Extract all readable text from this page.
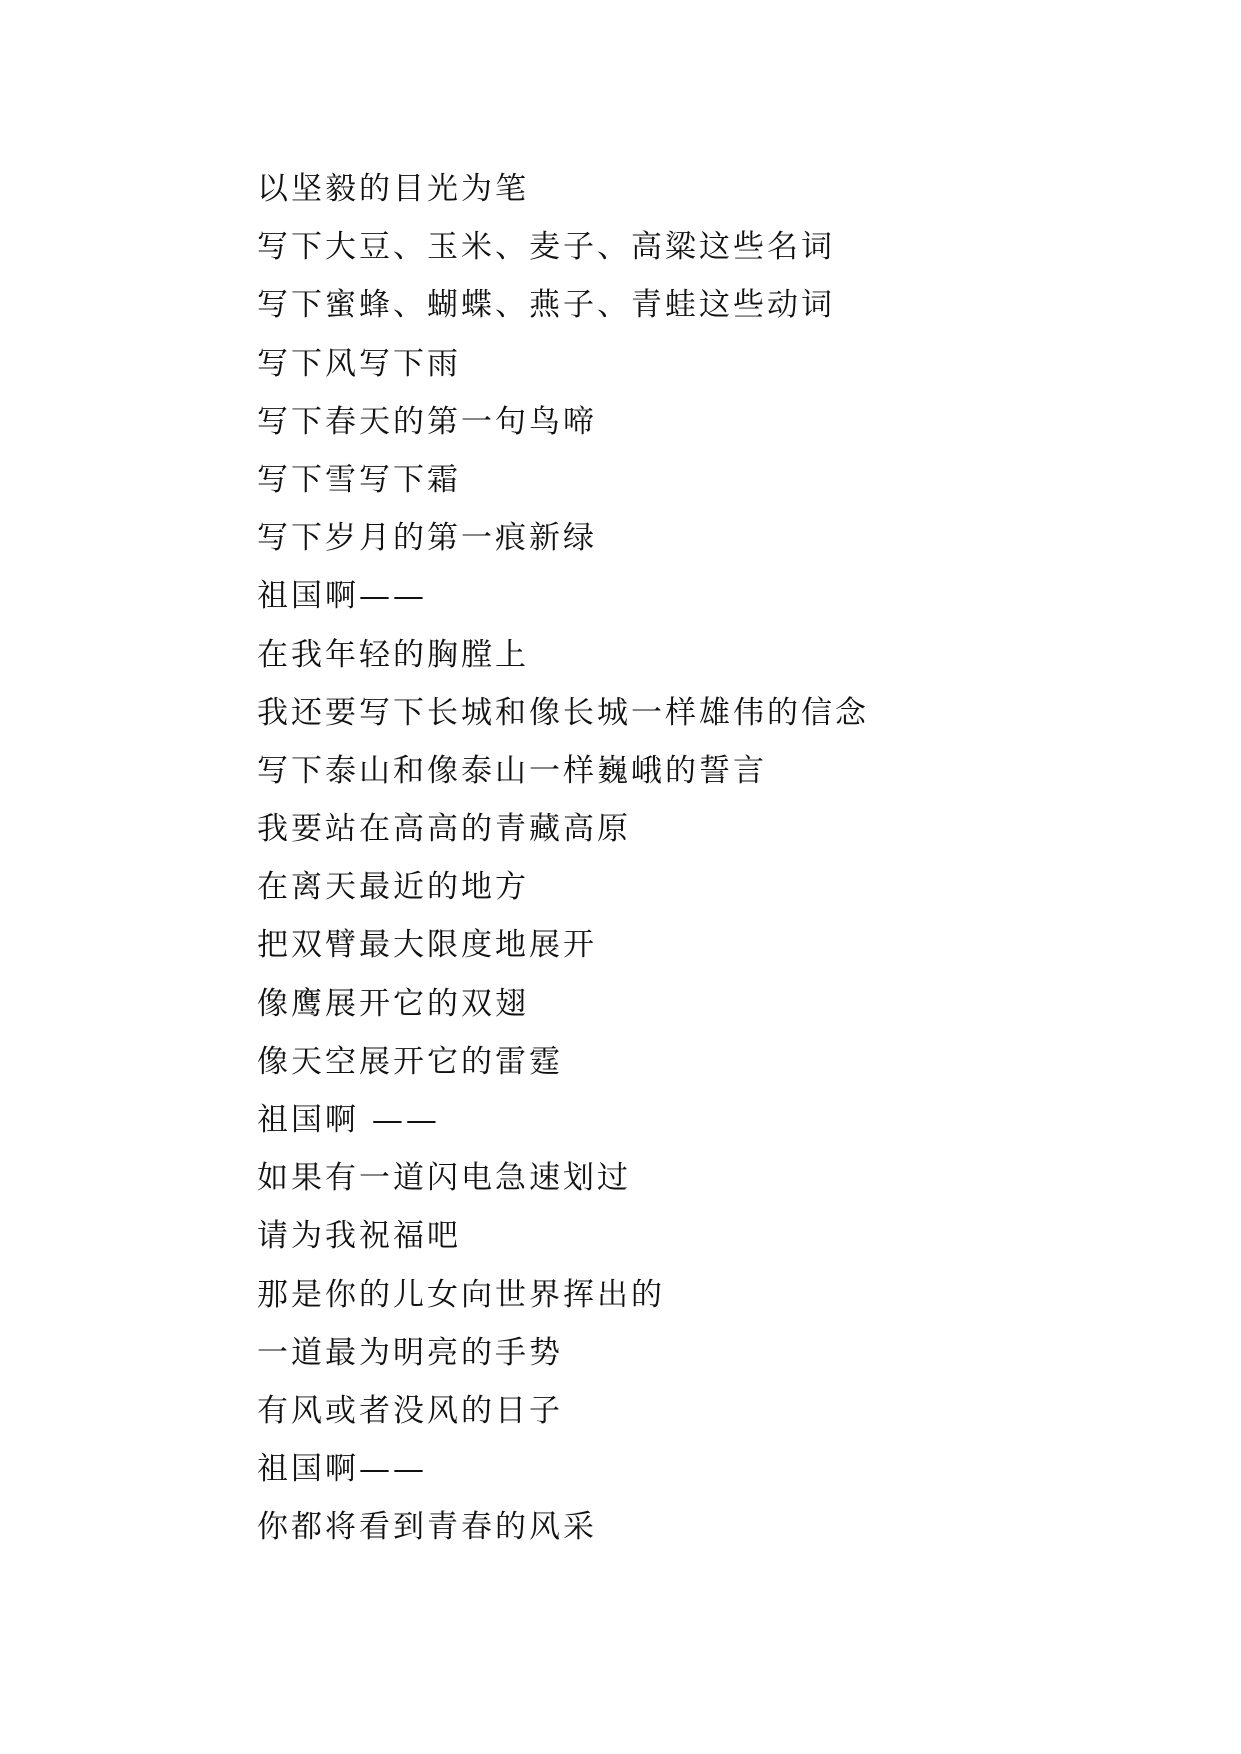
以坚毅的目光为笔
写下大豆、玉米、麦子、高粱这些名词
写下蜜蜂、蝴蝶、燕子、青蛙这些动词
写下风写下雨
写下春天的第一句鸟啼
写下雪写下霜
写下岁月的第一痕新绿
祖国啊——
在我年轻的胸膛上
我还要写下长城和像长城一样雄伟的信念
写下泰山和像泰山一样巍峨的誓言
我要站在高高的青藏高原
在离天最近的地方
把双臂最大限度地展开
像鹰展开它的双翅
像天空展开它的雷霆
祖国啊 ——
如果有一道闪电急速划过
请为我祝福吧
那是你的儿女向世界挥出的
一道最为明亮的手势
有风或者没风的日子
祖国啊——
你都将看到青春的风采
